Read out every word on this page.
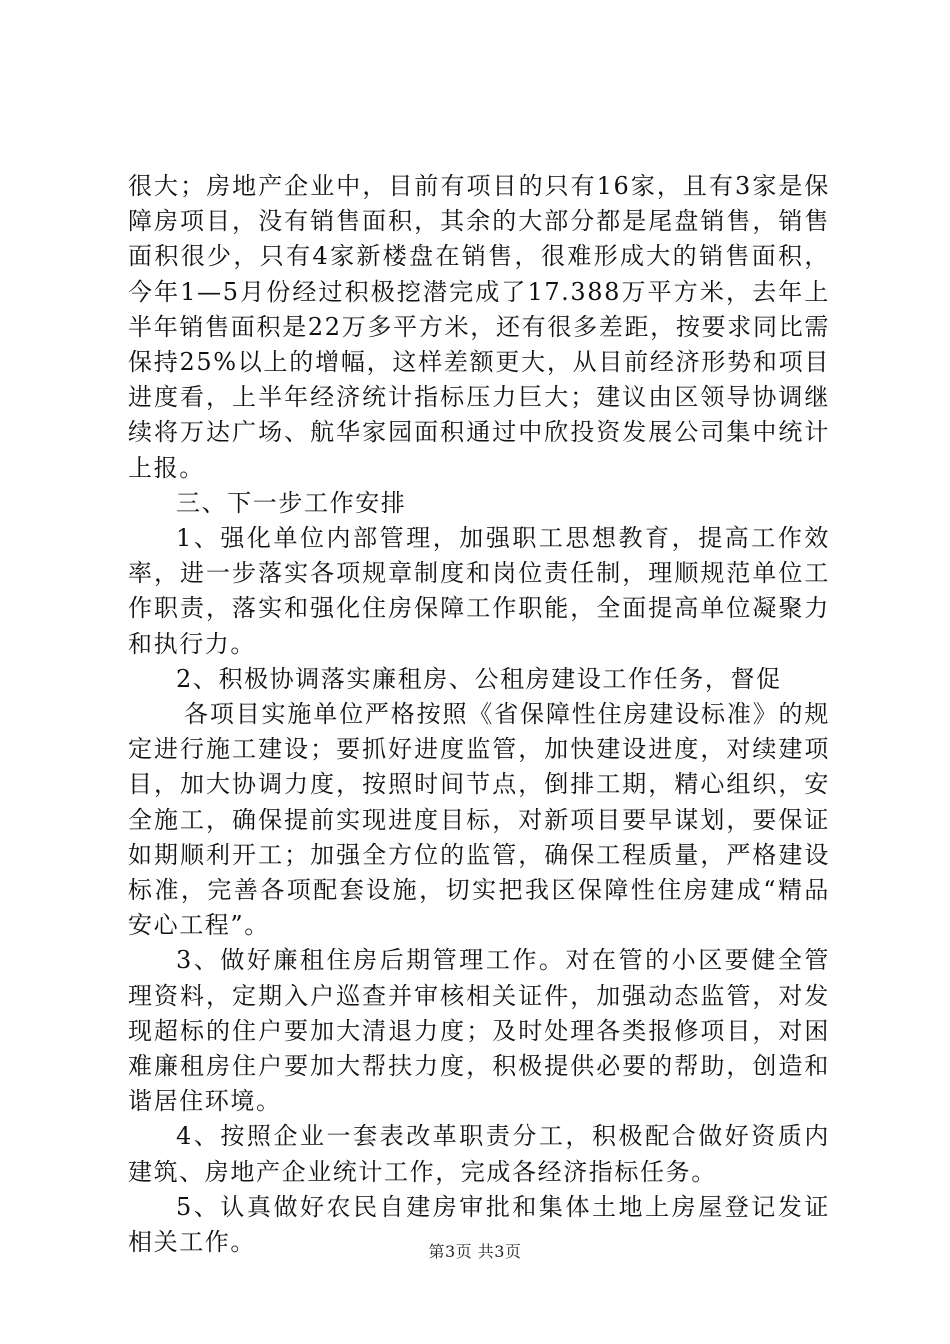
很大；房地产企业中，目前有项目的只有16家，且有3家是保障房项目，没有销售面积，其余的大部分都是尾盘销售，销售面积很少，只有4家新楼盘在销售，很难形成大的销售面积，今年1—5月份经过积极挖潜完成了17.388万平方米，去年上半年销售面积是22万多平方米，还有很多差距，按要求同比需保持25%以上的增幅，这样差额更大，从目前经济形势和项目进度看，上半年经济统计指标压力巨大；建议由区领导协调继续将万达广场、航华家园面积通过中欣投资发展公司集中统计上报。

三、下一步工作安排

1、强化单位内部管理，加强职工思想教育，提高工作效率，进一步落实各项规章制度和岗位责任制，理顺规范单位工作职责，落实和强化住房保障工作职能，全面提高单位凝聚力和执行力。

2、积极协调落实廉租房、公租房建设工作任务，督促

各项目实施单位严格按照《省保障性住房建设标准》的规定进行施工建设；要抓好进度监管，加快建设进度，对续建项目，加大协调力度，按照时间节点，倒排工期，精心组织，安全施工，确保提前实现进度目标，对新项目要早谋划，要保证如期顺利开工；加强全方位的监管，确保工程质量，严格建设标准，完善各项配套设施，切实把我区保障性住房建成“精品安心工程”。

3、做好廉租住房后期管理工作。对在管的小区要健全管理资料，定期入户巡查并审核相关证件，加强动态监管，对发现超标的住户要加大清退力度；及时处理各类报修项目，对困难廉租房住户要加大帮扶力度，积极提供必要的帮助，创造和谐居住环境。

4、按照企业一套表改革职责分工，积极配合做好资质内建筑、房地产企业统计工作，完成各经济指标任务。

5、认真做好农民自建房审批和集体土地上房屋登记发证相关工作。	第3页 共3页
